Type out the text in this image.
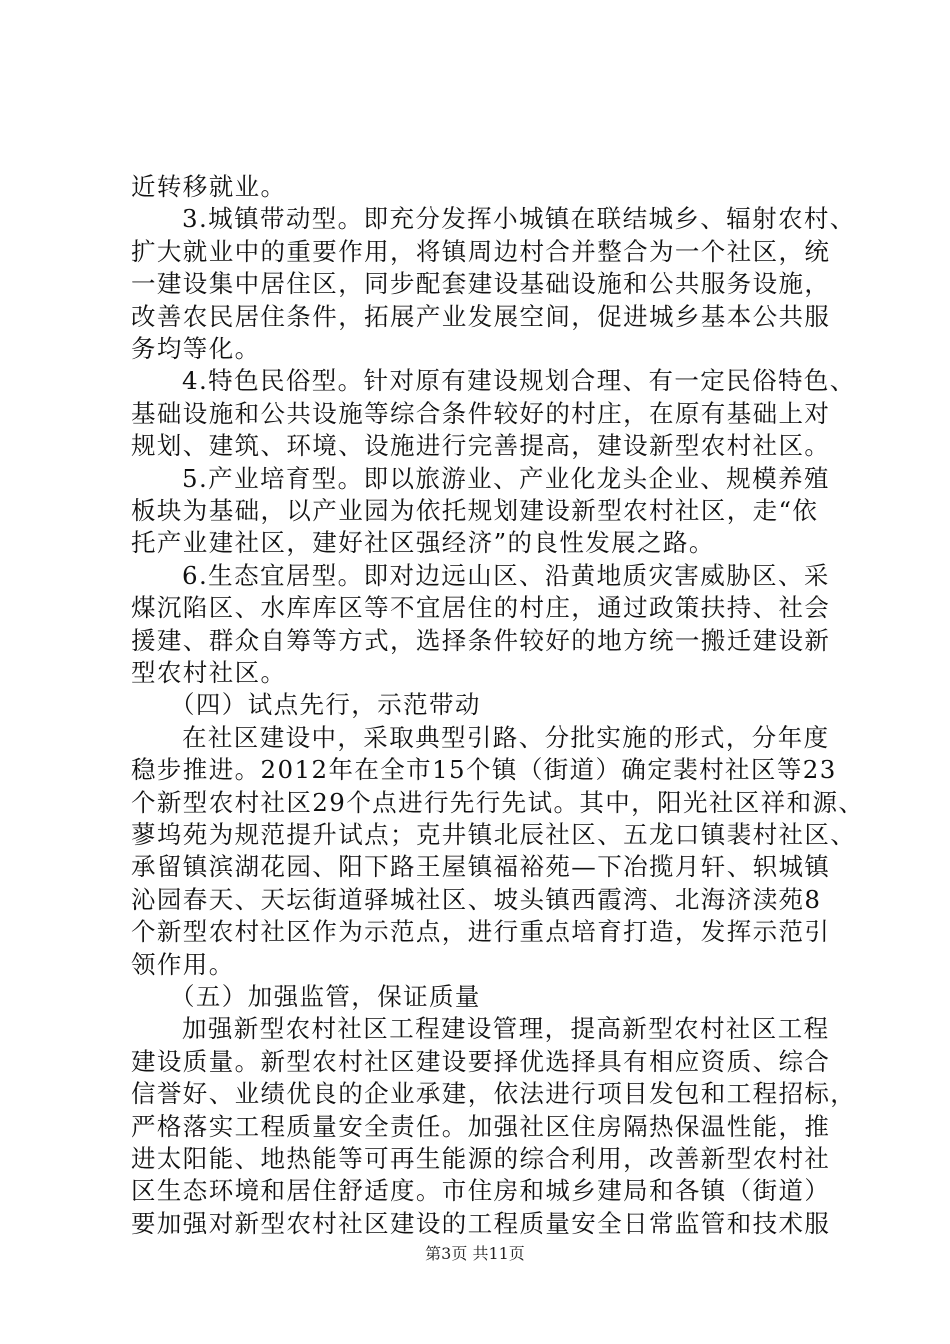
近转移就业。
3.城镇带动型。即充分发挥小城镇在联结城乡、辐射农村、
扩大就业中的重要作用，将镇周边村合并整合为一个社区，统
一建设集中居住区，同步配套建设基础设施和公共服务设施，
改善农民居住条件，拓展产业发展空间，促进城乡基本公共服
务均等化。
4.特色民俗型。针对原有建设规划合理、有一定民俗特色、
基础设施和公共设施等综合条件较好的村庄，在原有基础上对
规划、建筑、环境、设施进行完善提高，建设新型农村社区。
5.产业培育型。即以旅游业、产业化龙头企业、规模养殖
板块为基础，以产业园为依托规划建设新型农村社区，走“依
托产业建社区，建好社区强经济”的良性发展之路。
6.生态宜居型。即对边远山区、沿黄地质灾害威胁区、采
煤沉陷区、水库库区等不宜居住的村庄，通过政策扶持、社会
援建、群众自筹等方式，选择条件较好的地方统一搬迁建设新
型农村社区。
（四）试点先行，示范带动
在社区建设中，采取典型引路、分批实施的形式，分年度
稳步推进。2012年在全市15个镇（街道）确定裴村社区等23
个新型农村社区29个点进行先行先试。其中，阳光社区祥和源、
蓼坞苑为规范提升试点；克井镇北辰社区、五龙口镇裴村社区、
承留镇滨湖花园、阳下路王屋镇福裕苑—下冶揽月轩、轵城镇
沁园春天、天坛街道驿城社区、坡头镇西霞湾、北海济渎苑8
个新型农村社区作为示范点，进行重点培育打造，发挥示范引
领作用。
（五）加强监管，保证质量
加强新型农村社区工程建设管理，提高新型农村社区工程
建设质量。新型农村社区建设要择优选择具有相应资质、综合
信誉好、业绩优良的企业承建，依法进行项目发包和工程招标，
严格落实工程质量安全责任。加强社区住房隔热保温性能，推
进太阳能、地热能等可再生能源的综合利用，改善新型农村社
区生态环境和居住舒适度。市住房和城乡建局和各镇（街道）
要加强对新型农村社区建设的工程质量安全日常监管和技术服
第3页 共11页
